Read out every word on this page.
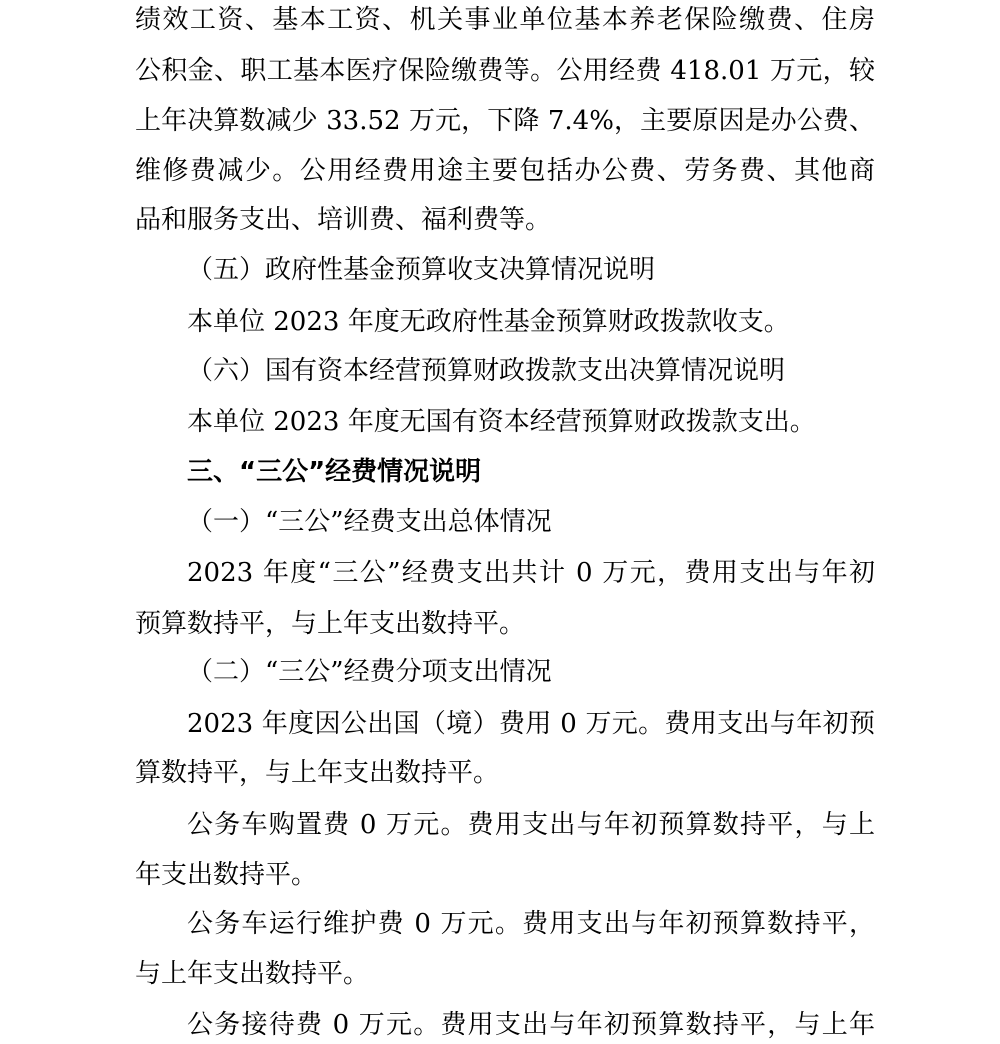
绩效工资、基本工资、机关事业单位基本养老保险缴费、住房
公积金、职工基本医疗保险缴费等。公用经费 418.01 万元，较
上年决算数减少 33.52 万元，下降 7.4%，主要原因是办公费、
维修费减少。公用经费用途主要包括办公费、劳务费、其他商
品和服务支出、培训费、福利费等。
（五）政府性基金预算收支决算情况说明
本单位 2023 年度无政府性基金预算财政拨款收支。
（六）国有资本经营预算财政拨款支出决算情况说明
本单位 2023 年度无国有资本经营预算财政拨款支出。
三、“三公”经费情况说明
（一）“三公”经费支出总体情况
2023 年度“三公”经费支出共计 0 万元，费用支出与年初
预算数持平，与上年支出数持平。
（二）“三公”经费分项支出情况
2023 年度因公出国（境）费用 0 万元。费用支出与年初预
算数持平，与上年支出数持平。
公务车购置费 0 万元。费用支出与年初预算数持平，与上
年支出数持平。
公务车运行维护费 0 万元。费用支出与年初预算数持平，
与上年支出数持平。
公务接待费 0 万元。费用支出与年初预算数持平，与上年
